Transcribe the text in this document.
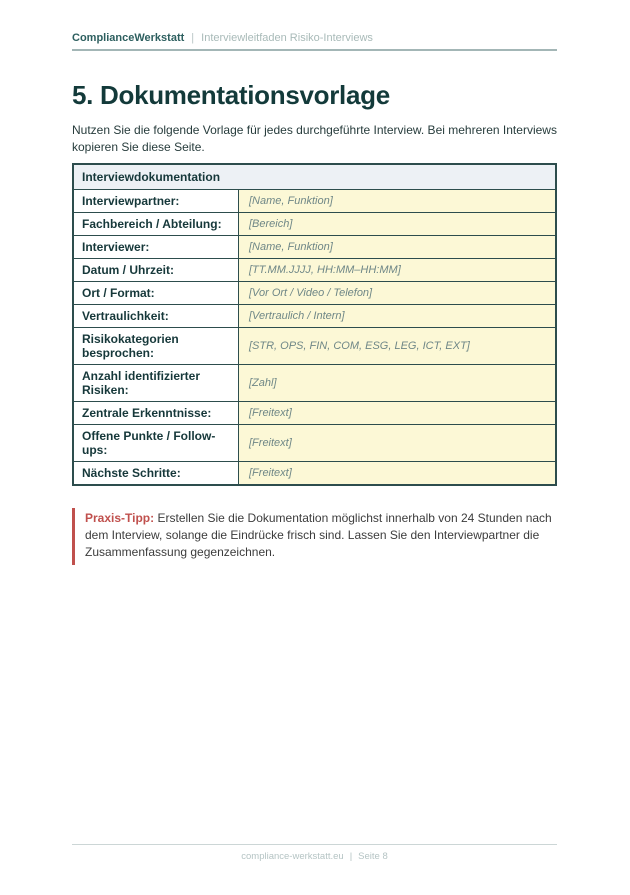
ComplianceWerkstatt | Interviewleitfaden Risiko-Interviews
5. Dokumentationsvorlage
Nutzen Sie die folgende Vorlage für jedes durchgeführte Interview. Bei mehreren Interviews kopieren Sie diese Seite.
Interviewdokumentation	
Interviewpartner:	[Name, Funktion]
Fachbereich / Abteilung:	[Bereich]
Interviewer:	[Name, Funktion]
Datum / Uhrzeit:	[TT.MM.JJJJ, HH:MM–HH:MM]
Ort / Format:	[Vor Ort / Video / Telefon]
Vertraulichkeit:	[Vertraulich / Intern]
Risikokategorien besprochen:	[STR, OPS, FIN, COM, ESG, LEG, ICT, EXT]
Anzahl identifizierter Risiken:	[Zahl]
Zentrale Erkenntnisse:	[Freitext]
Offene Punkte / Follow-ups:	[Freitext]
Nächste Schritte:	[Freitext]
Praxis-Tipp: Erstellen Sie die Dokumentation möglichst innerhalb von 24 Stunden nach dem Interview, solange die Eindrücke frisch sind. Lassen Sie den Interviewpartner die Zusammenfassung gegenzeichnen.
compliance-werkstatt.eu | Seite 8
